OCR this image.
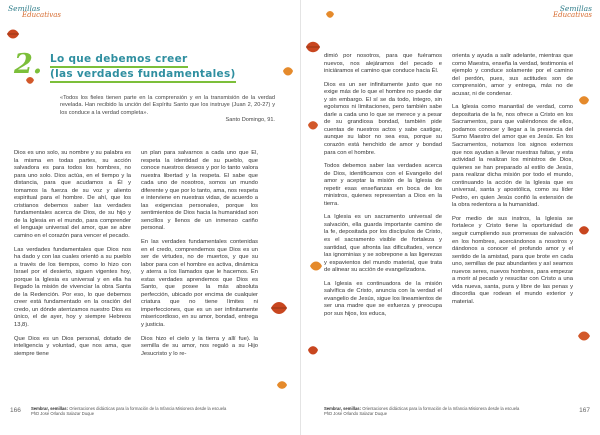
Semillas
Educativas
2. Lo que debemos creer
(las verdades fundamentales)
«Todos los fieles tienen parte en la comprensión y en la transmisión de la verdad revelada. Han recibido la unción del Espíritu Santo que los instruye (Juan 2, 20-27) y los conduce a la verdad completa».
Santo Domingo, 91.

Dios es uno solo, su nombre y su palabra es la misma en todas partes, su acción salvadora es para todos los hombres, no para uno solo. Dios actúa, en el tiempo y la distancia, para que acudamos a Él y tomamos la fuerza de su voz y aliento espiritual para el hombre. De ahí, que los cristianos debemos saber las verdades fundamentales acerca de Dios, de su hijo y de la Iglesia en el mundo, para comprender el lenguaje universal del amor, que se abre camino en el corazón para vencer el pecado.

Las verdades fundamentales que Dios nos ha dado y con las cuales orientó a su pueblo a través de los tiempos, como lo hizo con Israel por el desierto, siguen vigentes hoy, porque la Iglesia es universal y en ella ha llegado la misión de vivenciar la obra Santa de la Redención. Por eso, lo que debemos creer está fundamentado en la oración del credo, un dónde aterrizamos nuestro Dios es único, el de ayer, hoy y siempre Hebreos 13,8).

Que Dios es un Dios personal, dotado de inteligencia y voluntad, que nos ama, que siempre tiene

un plan para salvarnos a cada uno que El, respeta la identidad de su pueblo, que conoce nuestros deseos y por lo tanto valora nuestra libertad y la respeta. El sabe que cada uno de nosotros, somos un mundo diferente y que por lo tanto, ama, nos respeta e interviene en nuestras vidas, de acuerdo a las exigencias personales, porque los sentimientos de Dios hacia la humanidad son sencillos y llenos de un inmenso cariño personal.

En las verdades fundamentales contenidas en el credo, comprendemos que Dios es un ser de virtudes, no de muertos, y que su labor para con el hombre es activa, dinámica y aterra a los llamados que le hacemos. En estas verdades aprendemos que Dios es Santo, que posee la más absoluta perfección, ubicado por encima de cualquier criatura que no tiene límites ni imperfecciones, que es un ser infinitamente misericordioso, en su amor, bondad, entrega y justicia.

Dios hizo el cielo y la tierra y allí fue). la semilla de su amor, nos regaló a su Hijo Jesucristo y lo re-

166 Sembrar, semillas: Orientaciones didácticas para la formación de la Infancia Misionera desde la escuela
PhD José Orlando Salazar Duque
Semillas
Educativas

dimió por nosotros, para que fuéramos nuevos, nos alejáramos del pecado e iniciáramos el camino que conduce hacia Él.

Dios es un ser infinitamente justo que no exige más de lo que el hombre no puede dar y sin embargo. El sí se da todo, íntegro, sin egoísmos ni limitaciones, pero también sabe darle a cada uno lo que se merece y a pesar de su grandiosa bondad, también pide cuentas de nuestros actos y sabe castigar, aunque su labor no sea esa, porque su corazón está henchido de amor y bondad para con el hombre.

Todos debemos saber las verdades acerca de Dios, identificamos con el Evangelio del amor y aceptar la misión de la Iglesia de repetir esas enseñanzas en boca de los ministros, quienes representan a Dios en la tierra.

La Iglesia es un sacramento universal de salvación, ella guarda importante camino de la fe, depositada por los discípulos de Cristo, es el sacramento visible de fortaleza y santidad, que afronta las dificultades, vence las ignominias y se sobrepone a las ligerezas y espavientos del mundo material, que trata de alinear su acción de evangelizadora.

La Iglesia es continuadora de la misión salvífica de Cristo, anuncia con la verdad el evangelio de Jesús, sigue los lineamientos de ser una madre que se esfuerza y preocupa por sus hijos, los educa,

orienta y ayuda a salir adelante, mientras que como Maestra, enseña la verdad, testimonia el ejemplo y conduce solamente por el camino del perdón, pues, sus actitudes son de comprensión, amor y entrega, más no de acusar, ni de condenar.

La Iglesia como manantial de verdad, como depositaria de la fe, nos ofrece a Cristo en los Sacramentos, para que valiéndonos de ellos, podamos conocer y llegar a la presencia del Sumo Maestro del amor que es Jesús. En los Sacramentos, notamos los signos externos que nos ayudan a llevar nuestras faltas, y esta actividad la realizan los ministros de Dios, quienes se han preparado al estilo de Jesús, para realizar dicha misión por todo el mundo, continuando la acción de la Iglesia que es universal, santa y apostólica, como su líder Pedro, en quien Jesús confió la extensión de la obra redentora a la humanidad.

Por medio de sus instros, la Iglesia se fortalece y Cristo tiene la oportunidad de seguir cumpliendo sus promesas de salvación en los hombres, acercándonos a nosotros y dándonos a conocer el profundo amor y el sentido de la amistad, para que brote en cada uno, semillas de paz abundantes y así seamos nuevos seres, nuevos hombres, para empezar a morir al pecado y resucitar con Cristo a una vida nueva, santa, pura y libre de las penas y discordia que rodean el mundo exterior y material.

Sembrar, semillas: Orientaciones didácticas para la formación de la Infancia Misionera desde la escuela
PhD José Orlando Salazar Duque	167
